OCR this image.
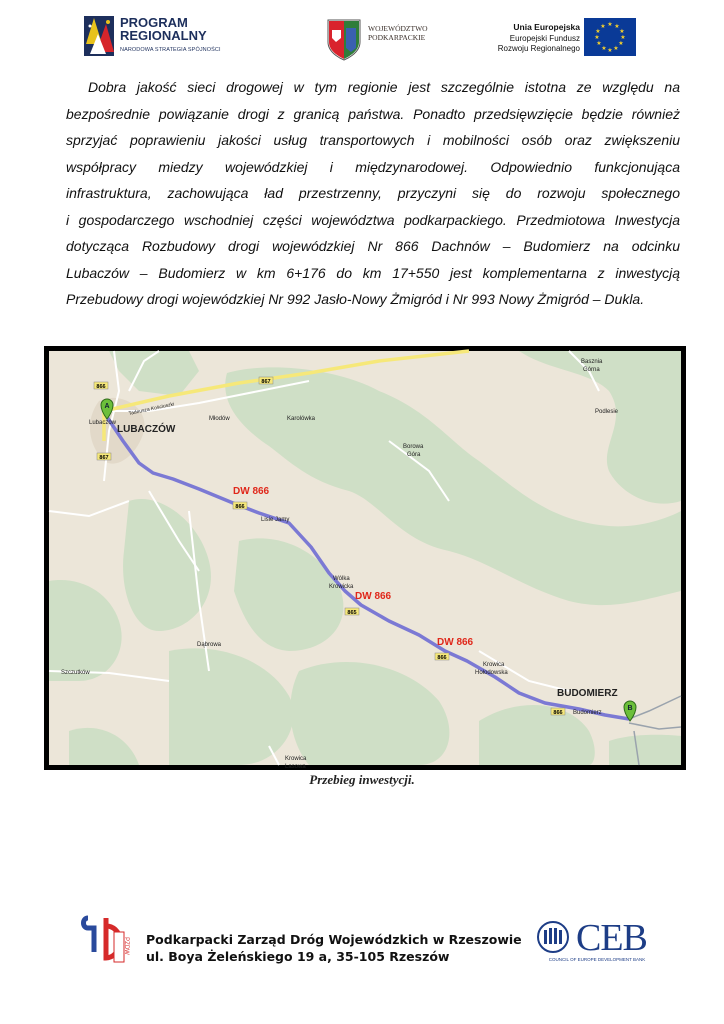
PROGRAM
REGIONALNY
NARODOWA STRATEGIA SPÓJNOŚCI
WOJEWÓDZTWO
PODKARPACKIE
Unia Europejska
Europejski Fundusz
Rozwoju Regionalnego
★ ★
★
★
★
★
★
★
★
★
★
★
Dobra jakość sieci drogowej w tym regionie jest szczególnie istotna ze względu na
bezpośrednie powiązanie drogi z granicą państwa. Ponadto przedsięwzięcie będzie również
sprzyjać poprawieniu jakości usług transportowych i mobilności osób oraz zwiększeniu
współpracy miedzy wojewódzkiej i międzynarodowej. Odpowiednio funkcjonująca
infrastruktura, zachowująca ład przestrzenny, przyczyni się do rozwoju społecznego
i gospodarczego wschodniej części województwa podkarpackiego. Przedmiotowa Inwestycja
dotycząca Rozbudowy drogi wojewódzkiej Nr 866 Dachnów – Budomierz na odcinku
Lubaczów – Budomierz w km 6+176 do km 17+550 jest komplementarna z inwestycją
Przebudowy drogi wojewódzkiej Nr 992 Jasło-Nowy Żmigród i Nr 993 Nowy Żmigród – Dukla.
866
867
867
866
865
866
866
DW 866
DW 866
DW 866
LUBACZÓW
Lubaczów
BUDOMIERZ
Budomierz
Basznia
Górna
Podlesie
Młodów	Karolówka
Borowa
Góra
Lisie Jamy
Wólka
Krowicka
Dąbrowa
Krowica
Hołodowska
Szczutków
Krowica
Lasowa
Tadeusza Kościuszki
A
B
Przebieg inwestycji.
PZDW Podkarpacki Zarząd Dróg Wojewódzkich w Rzeszowie
ul. Boya Żeleńskiego 19 a, 35-105 Rzeszów	CEB
COUNCIL OF EUROPE DEVELOPMENT BANK
